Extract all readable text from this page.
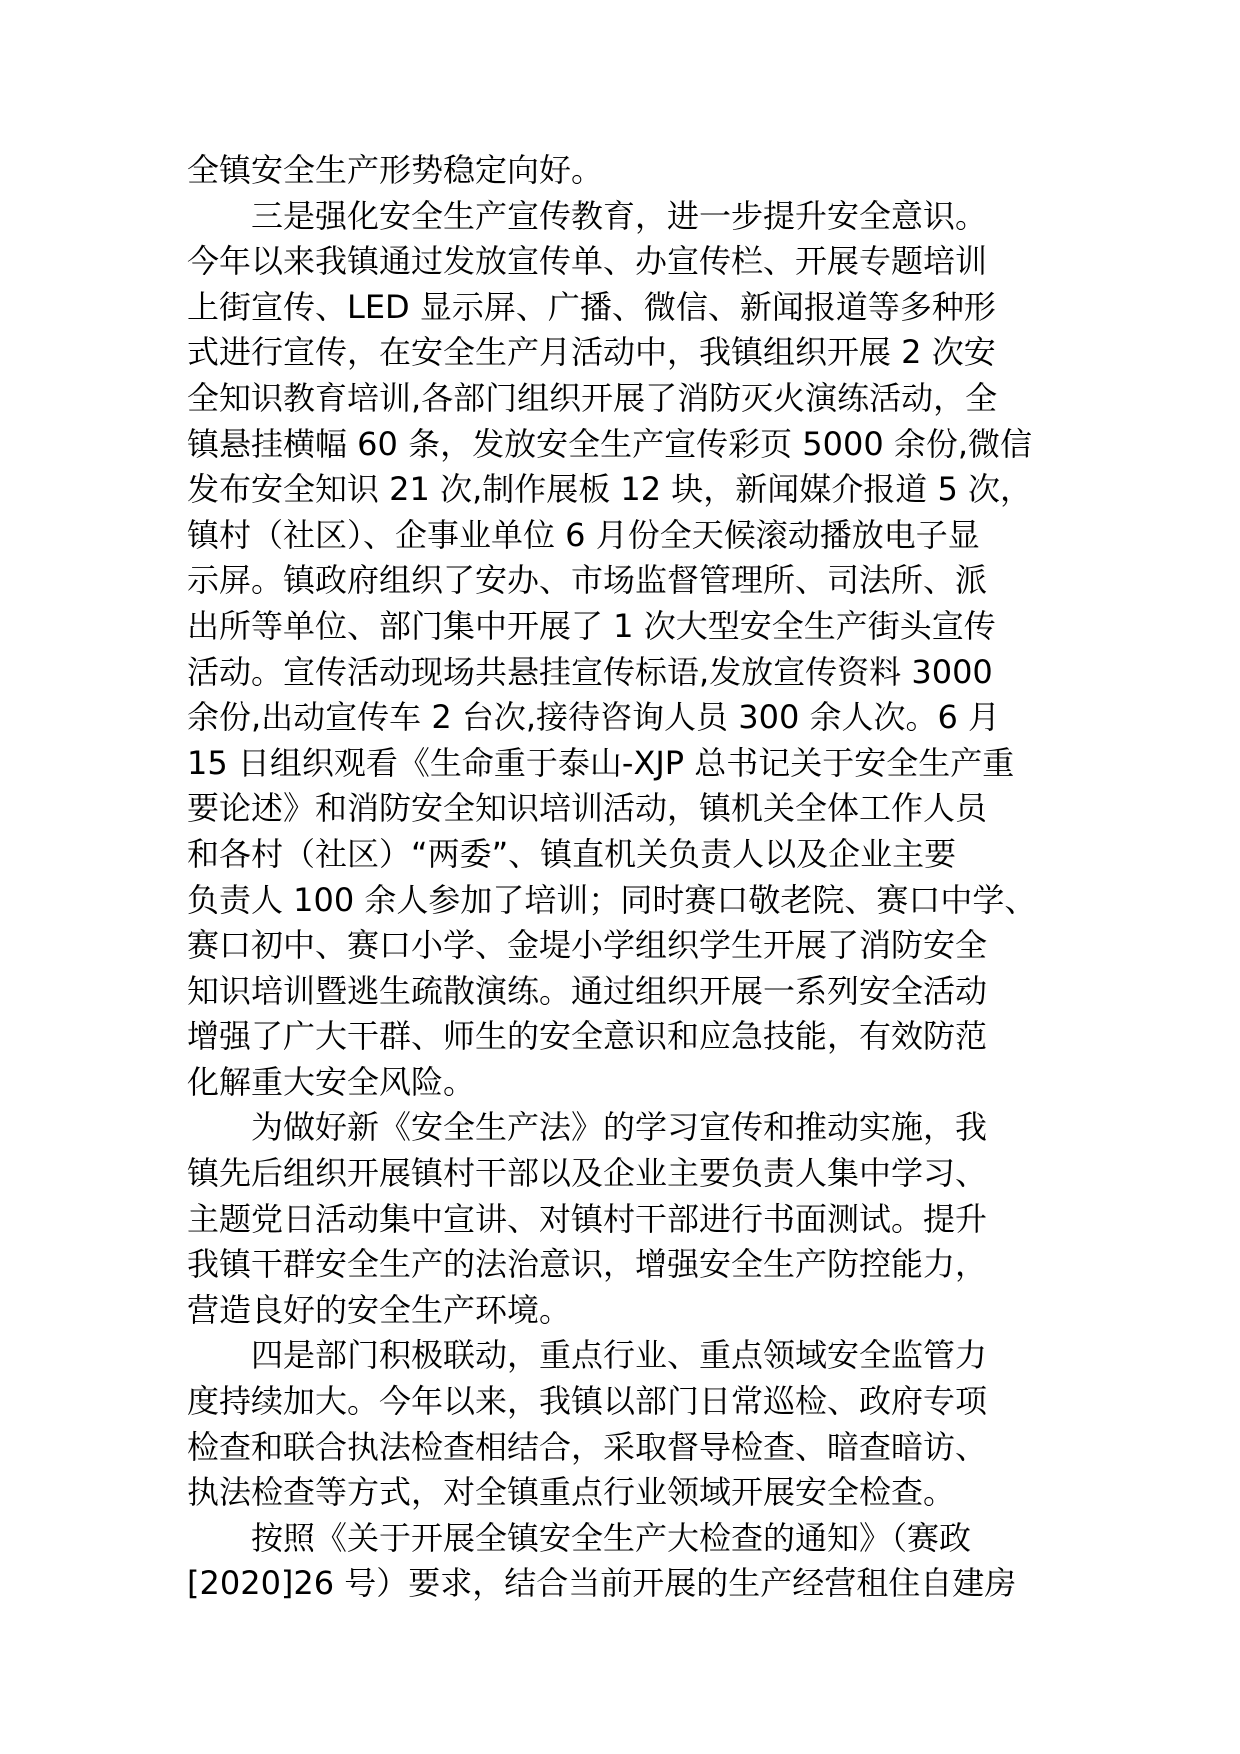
全镇安全生产形势稳定向好。
三是强化安全生产宣传教育，进一步提升安全意识。
今年以来我镇通过发放宣传单、办宣传栏、开展专题培训
上街宣传、LED 显示屏、广播、微信、新闻报道等多种形
式进行宣传，在安全生产月活动中，我镇组织开展 2 次安
全知识教育培训,各部门组织开展了消防灭火演练活动，全
镇悬挂横幅 60 条，发放安全生产宣传彩页 5000 余份,微信
发布安全知识 21 次,制作展板 12 块，新闻媒介报道 5 次，
镇村（社区）、企事业单位 6 月份全天候滚动播放电子显
示屏。镇政府组织了安办、市场监督管理所、司法所、派
出所等单位、部门集中开展了 1 次大型安全生产街头宣传
活动。宣传活动现场共悬挂宣传标语,发放宣传资料 3000
余份,出动宣传车 2 台次,接待咨询人员 300 余人次。6 月
15 日组织观看《生命重于泰山-XJP 总书记关于安全生产重
要论述》和消防安全知识培训活动，镇机关全体工作人员
和各村（社区）“两委”、镇直机关负责人以及企业主要
负责人 100 余人参加了培训；同时赛口敬老院、赛口中学、
赛口初中、赛口小学、金堤小学组织学生开展了消防安全
知识培训暨逃生疏散演练。通过组织开展一系列安全活动
增强了广大干群、师生的安全意识和应急技能，有效防范
化解重大安全风险。
为做好新《安全生产法》的学习宣传和推动实施，我
镇先后组织开展镇村干部以及企业主要负责人集中学习、
主题党日活动集中宣讲、对镇村干部进行书面测试。提升
我镇干群安全生产的法治意识，增强安全生产防控能力，
营造良好的安全生产环境。
四是部门积极联动，重点行业、重点领域安全监管力
度持续加大。今年以来，我镇以部门日常巡检、政府专项
检查和联合执法检查相结合，采取督导检查、暗查暗访、
执法检查等方式，对全镇重点行业领域开展安全检查。
按照《关于开展全镇安全生产大检查的通知》（赛政
[2020]26 号）要求，结合当前开展的生产经营租住自建房
